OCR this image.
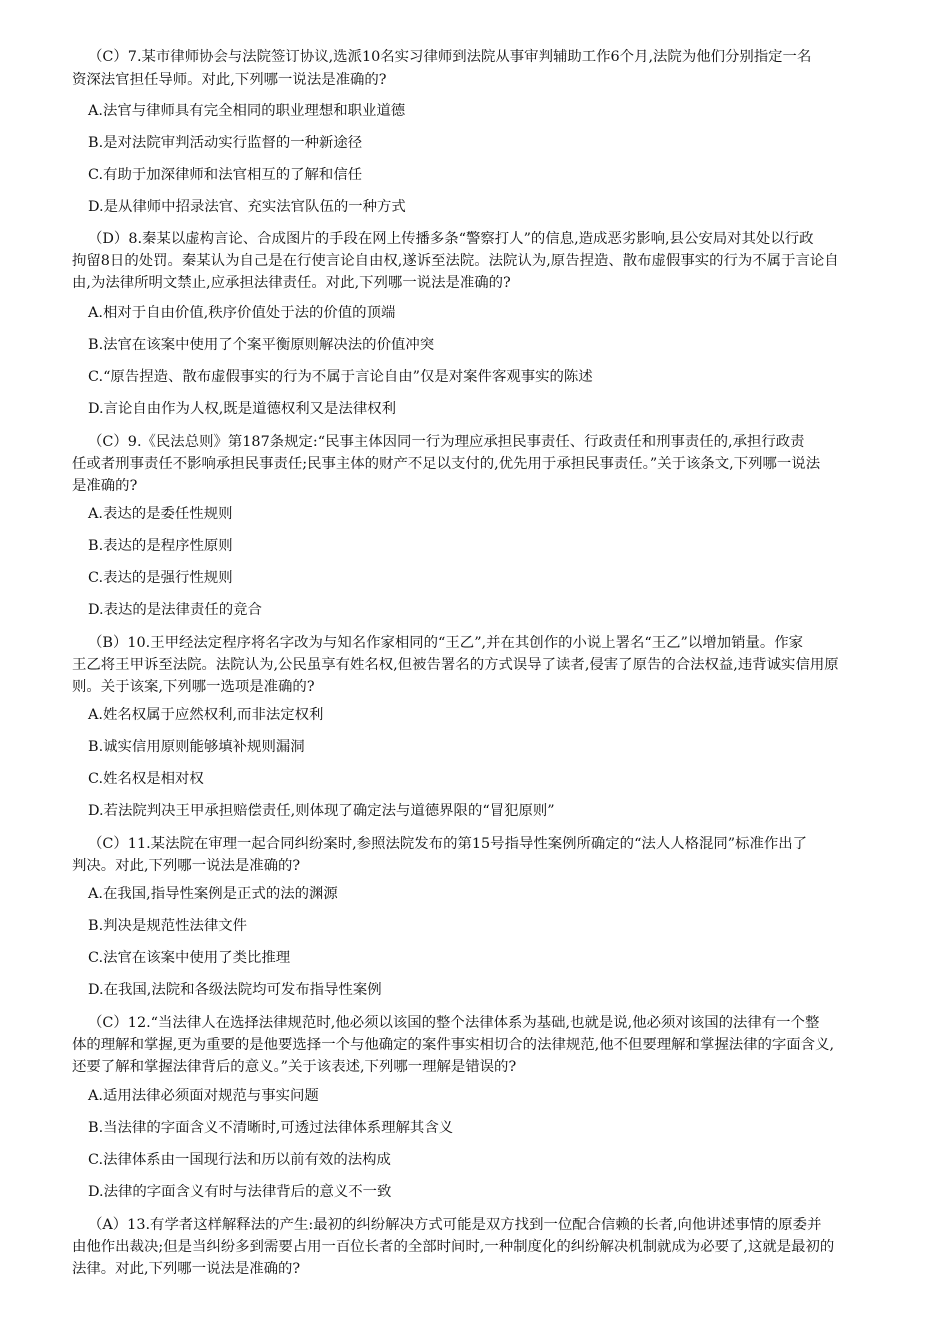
（C）7.某市律师协会与法院签订协议,选派10名实习律师到法院从事审判辅助工作6个月,法院为他们分别指定一名

资深法官担任导师。对此,下列哪一说法是准确的?

A.法官与律师具有完全相同的职业理想和职业道德

B.是对法院审判活动实行监督的一种新途径

C.有助于加深律师和法官相互的了解和信任

D.是从律师中招录法官、充实法官队伍的一种方式

（D）8.秦某以虚构言论、合成图片的手段在网上传播多条“警察打人”的信息,造成恶劣影响,县公安局对其处以行政

拘留8日的处罚。秦某认为自己是在行使言论自由权,遂诉至法院。法院认为,原告捏造、散布虚假事实的行为不属于言论自

由,为法律所明文禁止,应承担法律责任。对此,下列哪一说法是准确的?

A.相对于自由价值,秩序价值处于法的价值的顶端

B.法官在该案中使用了个案平衡原则解决法的价值冲突

C.“原告捏造、散布虚假事实的行为不属于言论自由”仅是对案件客观事实的陈述

D.言论自由作为人权,既是道德权利又是法律权利

（C）9.《民法总则》第187条规定:“民事主体因同一行为理应承担民事责任、行政责任和刑事责任的,承担行政责

任或者刑事责任不影响承担民事责任;民事主体的财产不足以支付的,优先用于承担民事责任。”关于该条文,下列哪一说法

是准确的?

A.表达的是委任性规则

B.表达的是程序性原则

C.表达的是强行性规则

D.表达的是法律责任的竞合

（B）10.王甲经法定程序将名字改为与知名作家相同的“王乙”,并在其创作的小说上署名“王乙”以增加销量。作家

王乙将王甲诉至法院。法院认为,公民虽享有姓名权,但被告署名的方式误导了读者,侵害了原告的合法权益,违背诚实信用原

则。关于该案,下列哪一选项是准确的?

A.姓名权属于应然权利,而非法定权利

B.诚实信用原则能够填补规则漏洞

C.姓名权是相对权

D.若法院判决王甲承担赔偿责任,则体现了确定法与道德界限的“冒犯原则”

（C）11.某法院在审理一起合同纠纷案时,参照法院发布的第15号指导性案例所确定的“法人人格混同”标准作出了

判决。对此,下列哪一说法是准确的?

A.在我国,指导性案例是正式的法的渊源

B.判决是规范性法律文件

C.法官在该案中使用了类比推理

D.在我国,法院和各级法院均可发布指导性案例

（C）12.“当法律人在选择法律规范时,他必须以该国的整个法律体系为基础,也就是说,他必须对该国的法律有一个整

体的理解和掌握,更为重要的是他要选择一个与他确定的案件事实相切合的法律规范,他不但要理解和掌握法律的字面含义,

还要了解和掌握法律背后的意义。”关于该表述,下列哪一理解是错误的?

A.适用法律必须面对规范与事实问题

B.当法律的字面含义不清晰时,可透过法律体系理解其含义

C.法律体系由一国现行法和历以前有效的法构成

D.法律的字面含义有时与法律背后的意义不一致

（A）13.有学者这样解释法的产生:最初的纠纷解决方式可能是双方找到一位配合信赖的长者,向他讲述事情的原委并

由他作出裁决;但是当纠纷多到需要占用一百位长者的全部时间时,一种制度化的纠纷解决机制就成为必要了,这就是最初的

法律。对此,下列哪一说法是准确的?
